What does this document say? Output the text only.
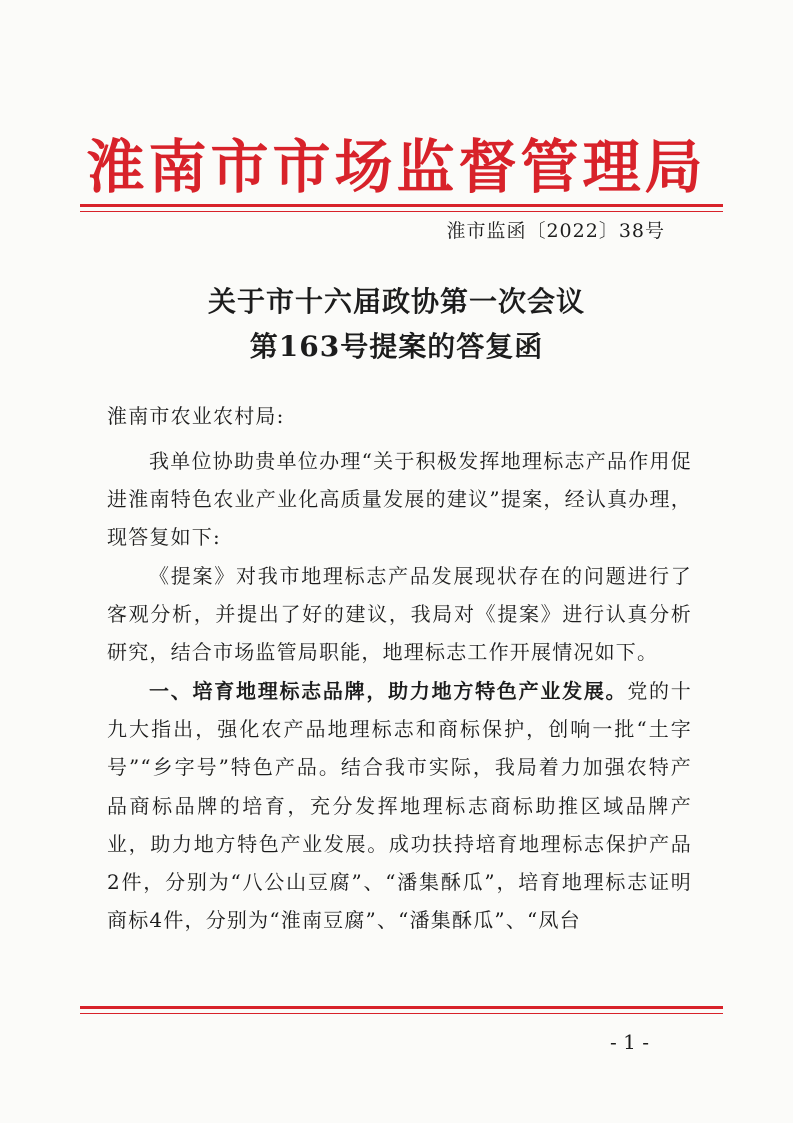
淮南市市场监督管理局
淮市监函〔2022〕38号
关于市十六届政协第一次会议
第163号提案的答复函
淮南市农业农村局:
我单位协助贵单位办理“关于积极发挥地理标志产品作用促进淮南特色农业产业化高质量发展的建议”提案，经认真办理，现答复如下:
《提案》对我市地理标志产品发展现状存在的问题进行了客观分析，并提出了好的建议，我局对《提案》进行认真分析研究，结合市场监管局职能，地理标志工作开展情况如下。
一、培育地理标志品牌，助力地方特色产业发展。党的十九大指出，强化农产品地理标志和商标保护，创响一批“土字号”“乡字号”特色产品。结合我市实际，我局着力加强农特产品商标品牌的培育，充分发挥地理标志商标助推区域品牌产业，助力地方特色产业发展。成功扶持培育地理标志保护产品2件，分别为“八公山豆腐”、“潘集酥瓜”，培育地理标志证明商标4件，分别为“淮南豆腐”、“潘集酥瓜”、“凤台
- 1 -
